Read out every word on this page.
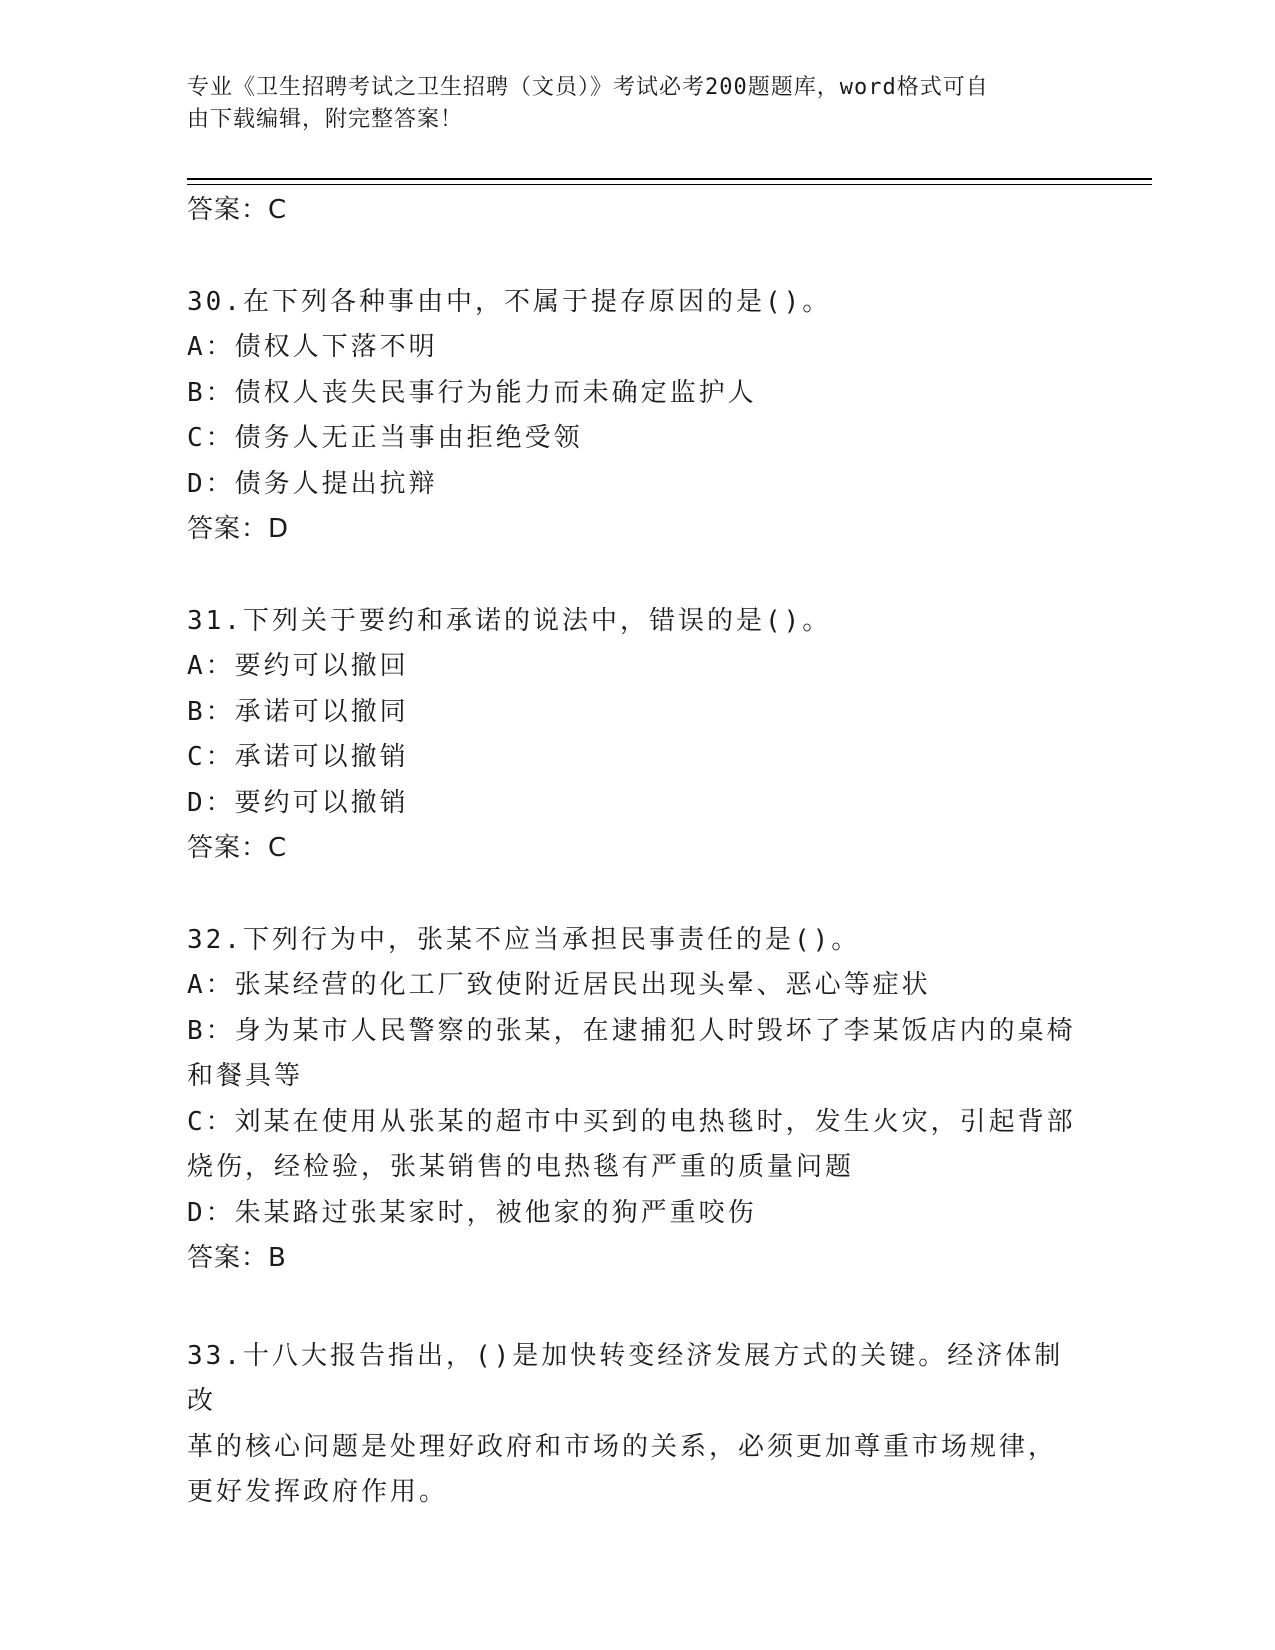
专业《卫生招聘考试之卫生招聘（文员）》考试必考200题题库，word格式可自
由下载编辑，附完整答案！
答案：C
30.在下列各种事由中，不属于提存原因的是()。
A：债权人下落不明
B：债权人丧失民事行为能力而未确定监护人
C：债务人无正当事由拒绝受领
D：债务人提出抗辩
答案：D
31.下列关于要约和承诺的说法中，错误的是()。
A：要约可以撤回
B：承诺可以撤同
C：承诺可以撤销
D：要约可以撤销
答案：C
32.下列行为中，张某不应当承担民事责任的是()。
A：张某经营的化工厂致使附近居民出现头晕、恶心等症状
B：身为某市人民警察的张某，在逮捕犯人时毁坏了李某饭店内的桌椅
和餐具等
C：刘某在使用从张某的超市中买到的电热毯时，发生火灾，引起背部
烧伤，经检验，张某销售的电热毯有严重的质量问题
D：朱某路过张某家时，被他家的狗严重咬伤
答案：B
33.十八大报告指出，()是加快转变经济发展方式的关键。经济体制改
革的核心问题是处理好政府和市场的关系，必须更加尊重市场规律，
更好发挥政府作用。
